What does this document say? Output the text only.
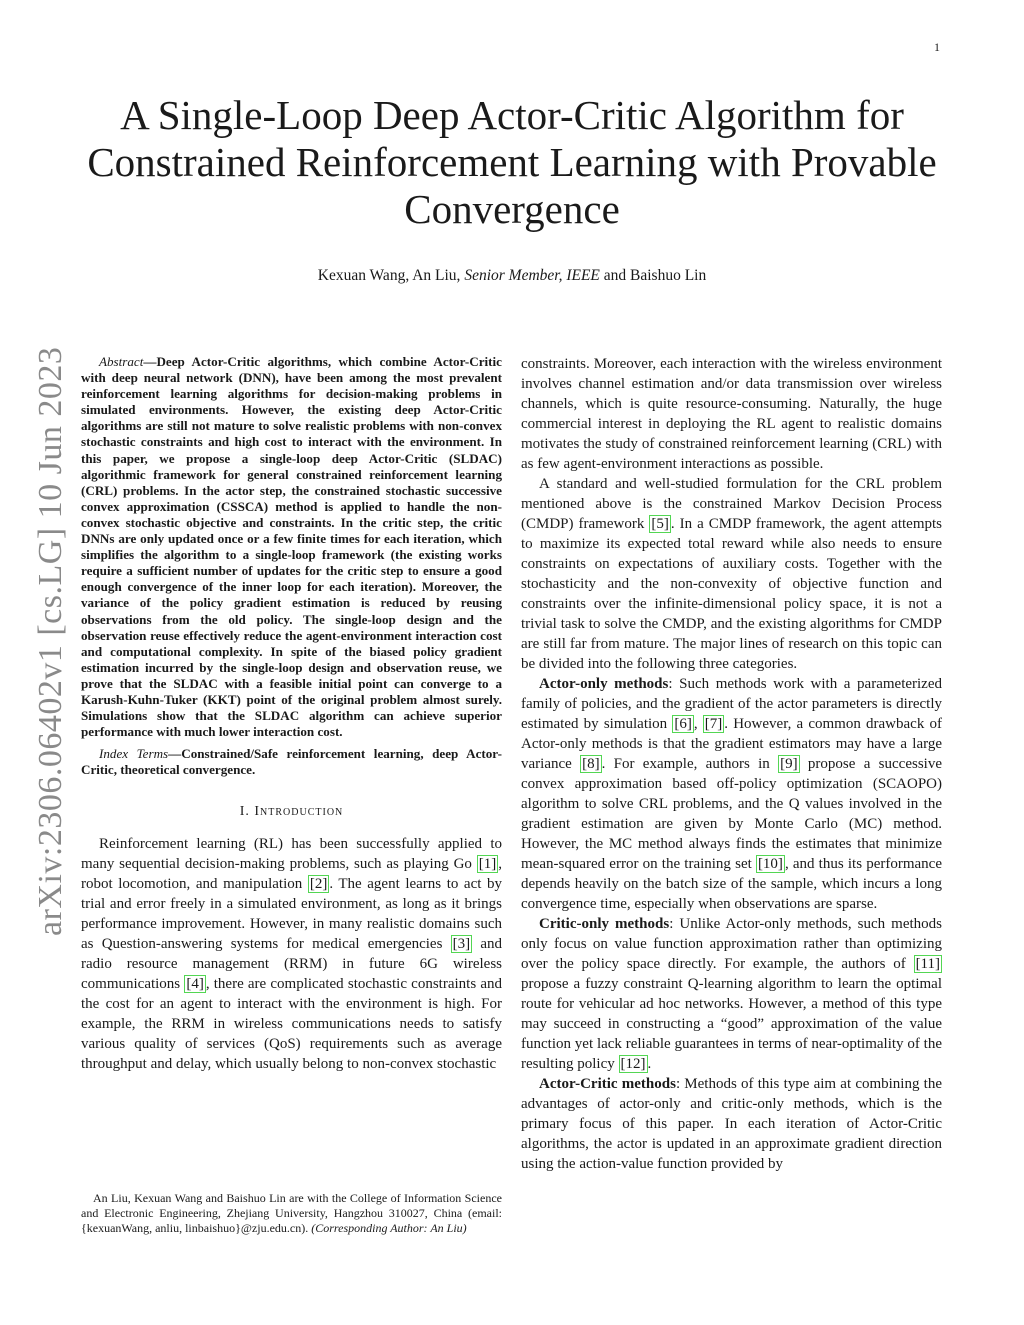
1
arXiv:2306.06402v1 [cs.LG] 10 Jun 2023
A Single-Loop Deep Actor-Critic Algorithm for Constrained Reinforcement Learning with Provable Convergence
Kexuan Wang, An Liu, Senior Member, IEEE and Baishuo Lin

Abstract—Deep Actor-Critic algorithms, which combine Actor-Critic with deep neural network (DNN), have been among the most prevalent reinforcement learning algorithms for decision-making problems in simulated environments. However, the existing deep Actor-Critic algorithms are still not mature to solve realistic problems with non-convex stochastic constraints and high cost to interact with the environment. In this paper, we propose a single-loop deep Actor-Critic (SLDAC) algorithmic framework for general constrained reinforcement learning (CRL) problems. In the actor step, the constrained stochastic successive convex approximation (CSSCA) method is applied to handle the non-convex stochastic objective and constraints. In the critic step, the critic DNNs are only updated once or a few finite times for each iteration, which simplifies the algorithm to a single-loop framework (the existing works require a sufficient number of updates for the critic step to ensure a good enough convergence of the inner loop for each iteration). Moreover, the variance of the policy gradient estimation is reduced by reusing observations from the old policy. The single-loop design and the observation reuse effectively reduce the agent-environment interaction cost and computational complexity. In spite of the biased policy gradient estimation incurred by the single-loop design and observation reuse, we prove that the SLDAC with a feasible initial point can converge to a Karush-Kuhn-Tuker (KKT) point of the original problem almost surely. Simulations show that the SLDAC algorithm can achieve superior performance with much lower interaction cost.

Index Terms—Constrained/Safe reinforcement learning, deep Actor-Critic, theoretical convergence.

I. Introduction

Reinforcement learning (RL) has been successfully applied to many sequential decision-making problems, such as playing Go [1] , robot locomotion, and manipulation [2] . The agent learns to act by trial and error freely in a simulated environment, as long as it brings performance improvement. However, in many realistic domains such as Question-answering systems for medical emergencies [3] and radio resource management (RRM) in future 6G wireless communications [4] , there are complicated stochastic constraints and the cost for an agent to interact with the environment is high. For example, the RRM in wireless communications needs to satisfy various quality of services (QoS) requirements such as average throughput and delay, which usually belong to non-convex stochastic

An Liu, Kexuan Wang and Baishuo Lin are with the College of Information Science and Electronic Engineering, Zhejiang University, Hangzhou 310027, China (email: {kexuanWang, anliu, linbaishuo}@zju.edu.cn). (Corresponding Author: An Liu)

constraints. Moreover, each interaction with the wireless environment involves channel estimation and/or data transmission over wireless channels, which is quite resource-consuming. Naturally, the huge commercial interest in deploying the RL agent to realistic domains motivates the study of constrained reinforcement learning (CRL) with as few agent-environment interactions as possible.

A standard and well-studied formulation for the CRL problem mentioned above is the constrained Markov Decision Process (CMDP) framework [5] . In a CMDP framework, the agent attempts to maximize its expected total reward while also needs to ensure constraints on expectations of auxiliary costs. Together with the stochasticity and the non-convexity of objective function and constraints over the infinite-dimensional policy space, it is not a trivial task to solve the CMDP, and the existing algorithms for CMDP are still far from mature. The major lines of research on this topic can be divided into the following three categories.

Actor-only methods: Such methods work with a parameterized family of policies, and the gradient of the actor parameters is directly estimated by simulation [6] , [7] . However, a common drawback of Actor-only methods is that the gradient estimators may have a large variance [8] . For example, authors in [9] propose a successive convex approximation based off-policy optimization (SCAOPO) algorithm to solve CRL problems, and the Q values involved in the gradient estimation are given by Monte Carlo (MC) method. However, the MC method always finds the estimates that minimize mean-squared error on the training set [10] , and thus its performance depends heavily on the batch size of the sample, which incurs a long convergence time, especially when observations are sparse.

Critic-only methods: Unlike Actor-only methods, such methods only focus on value function approximation rather than optimizing over the policy space directly. For example, the authors of [11] propose a fuzzy constraint Q-learning algorithm to learn the optimal route for vehicular ad hoc networks. However, a method of this type may succeed in constructing a “good” approximation of the value function yet lack reliable guarantees in terms of near-optimality of the resulting policy [12] .

Actor-Critic methods: Methods of this type aim at combining the advantages of actor-only and critic-only methods, which is the primary focus of this paper. In each iteration of Actor-Critic algorithms, the actor is updated in an approximate gradient direction using the action-value function provided by
